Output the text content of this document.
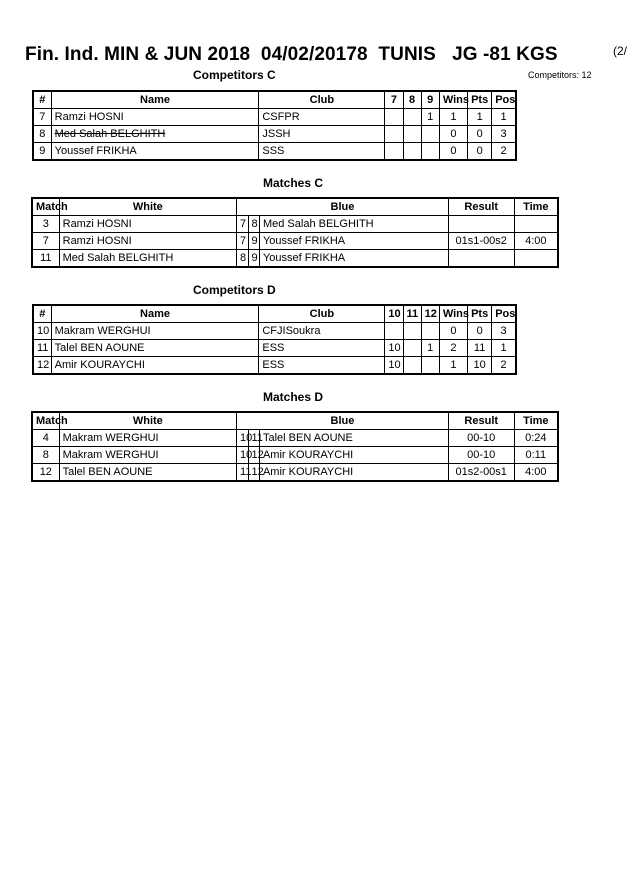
Fin. Ind. MIN & JUN 2018  04/02/20178  TUNIS   JG -81 KGS	(2/
Competitors C	Competitors: 12
#	Name	Club	7	8	9	Wins	Pts	Pos
7	Ramzi HOSNI	CSFPR			1	1	1	1
8	Med Salah BELGHITH	JSSH				0	0	3
9	Youssef FRIKHA	SSS				0	0	2
Matches C
Match	White	Blue			Result	Time
3	Ramzi HOSNI	7	8	Med Salah BELGHITH		
7	Ramzi HOSNI	7	9	Youssef FRIKHA	01s1-00s2	4:00
11	Med Salah BELGHITH	8	9	Youssef FRIKHA		
Competitors D
#	Name	Club	10	11	12	Wins	Pts	Pos
10	Makram WERGHUI	CFJISoukra				0	0	3
11	Talel BEN AOUNE	ESS	10		1	2	11	1
12	Amir KOURAYCHI	ESS	10			1	10	2
Matches D
Match	White	Blue			Result	Time
4	Makram WERGHUI	10	11	Talel BEN AOUNE	00-10	0:24
8	Makram WERGHUI	10	12	Amir KOURAYCHI	00-10	0:11
12	Talel BEN AOUNE	11	12	Amir KOURAYCHI	01s2-00s1	4:00
